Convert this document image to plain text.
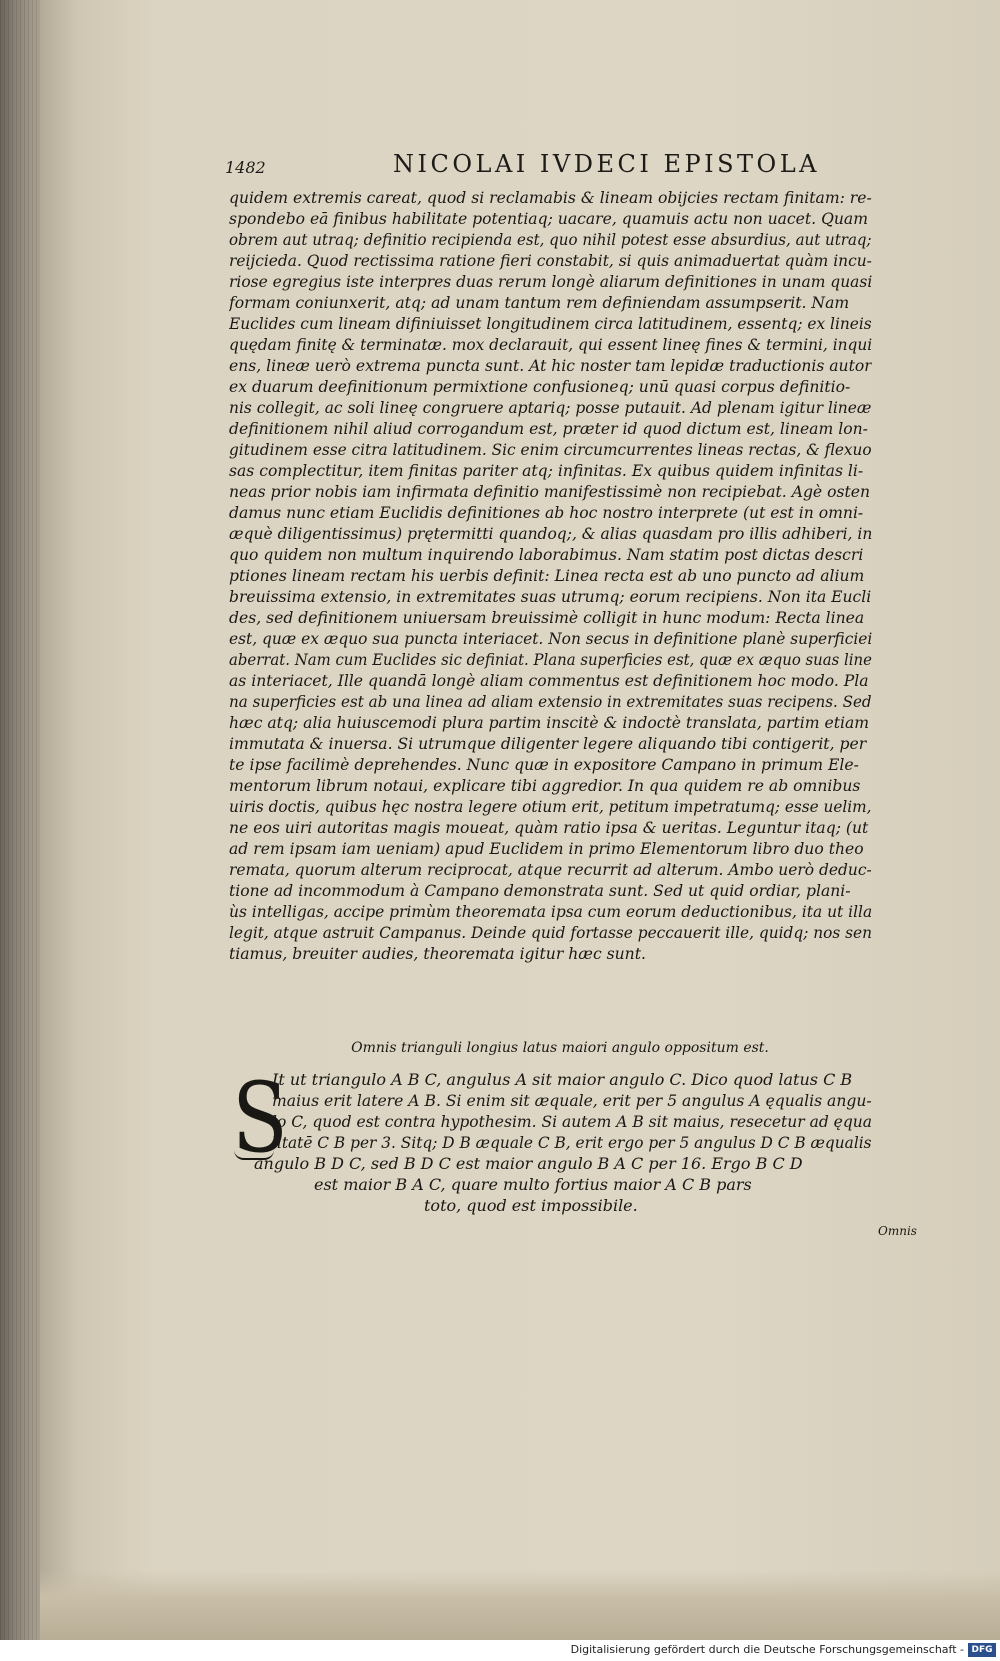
1482	NICOLAI IVDECI EPISTOLA
quidem extremis careat, quod si reclamabis & lineam obijcies rectam finitam: re-
spondebo eā finibus habilitate potentiaq; uacare, quamuis actu non uacet. Quam
obrem aut utraq; definitio recipienda est, quo nihil potest esse absurdius, aut utraq;
reijcieda. Quod rectissima ratione fieri constabit, si quis animaduertat quàm incu-
riose egregius iste interpres duas rerum longè aliarum definitiones in unam quasi
formam coniunxerit, atq; ad unam tantum rem definiendam assumpserit. Nam
Euclides cum lineam difiniuisset longitudinem circa latitudinem, essentq; ex lineis
quędam finitę & terminatæ. mox declarauit, qui essent lineę fines & termini, inqui
ens, lineæ uerò extrema puncta sunt. At hic noster tam lepidæ traductionis autor
ex duarum deefinitionum permixtione confusioneq; unū quasi corpus definitio-
nis collegit, ac soli lineę congruere aptariq; posse putauit. Ad plenam igitur lineæ
definitionem nihil aliud corrogandum est, præter id quod dictum est, lineam lon-
gitudinem esse citra latitudinem. Sic enim circumcurrentes lineas rectas, & flexuo
sas complectitur, item finitas pariter atq; infinitas. Ex quibus quidem infinitas li-
neas prior nobis iam infirmata definitio manifestissimè non recipiebat. Agè osten
damus nunc etiam Euclidis definitiones ab hoc nostro interprete (ut est in omni-
æquè diligentissimus) prętermitti quandoq;, & alias quasdam pro illis adhiberi, in
quo quidem non multum inquirendo laborabimus. Nam statim post dictas descri
ptiones lineam rectam his uerbis definit: Linea recta est ab uno puncto ad alium
breuissima extensio, in extremitates suas utrumq; eorum recipiens. Non ita Eucli
des, sed definitionem uniuersam breuissimè colligit in hunc modum: Recta linea
est, quæ ex æquo sua puncta interiacet. Non secus in definitione planè superficiei
aberrat. Nam cum Euclides sic definiat. Plana superficies est, quæ ex æquo suas line
as interiacet, Ille quandā longè aliam commentus est definitionem hoc modo. Pla
na superficies est ab una linea ad aliam extensio in extremitates suas recipens. Sed
hæc atq; alia huiuscemodi plura partim inscitè & indoctè translata, partim etiam
immutata & inuersa. Si utrumque diligenter legere aliquando tibi contigerit, per
te ipse facilimè deprehendes. Nunc quæ in expositore Campano in primum Ele-
mentorum librum notaui, explicare tibi aggredior. In qua quidem re ab omnibus
uiris doctis, quibus hęc nostra legere otium erit, petitum impetratumq; esse uelim,
ne eos uiri autoritas magis moueat, quàm ratio ipsa & ueritas. Leguntur itaq; (ut
ad rem ipsam iam ueniam) apud Euclidem in primo Elementorum libro duo theo
remata, quorum alterum reciprocat, atque recurrit ad alterum. Ambo uerò deduc-
tione ad incommodum à Campano demonstrata sunt. Sed ut quid ordiar, plani-
ùs intelligas, accipe primùm theoremata ipsa cum eorum deductionibus, ita ut illa
legit, atque astruit Campanus. Deinde quid fortasse peccauerit ille, quidq; nos sen
tiamus, breuiter audies, theoremata igitur hæc sunt.
Omnis trianguli longius latus maiori angulo oppositum est.
S
It ut triangulo A B C, angulus A sit maior angulo C. Dico quod latus C B
maius erit latere A B. Si enim sit æquale, erit per 5 angulus A ęqualis angu-
lo C, quod est contra hypothesim. Si autem A B sit maius, resecetur ad ęqua
litatē C B per 3. Sitq; D B æquale C B, erit ergo per 5 angulus D C B æqualis
angulo B D C, sed B D C est maior angulo B A C per 16. Ergo B C D
est maior B A C, quare multo fortius maior A C B pars
toto, quod est impossibile.
Omnis
Digitalisierung gefördert durch die Deutsche Forschungsgemeinschaft - DFG
